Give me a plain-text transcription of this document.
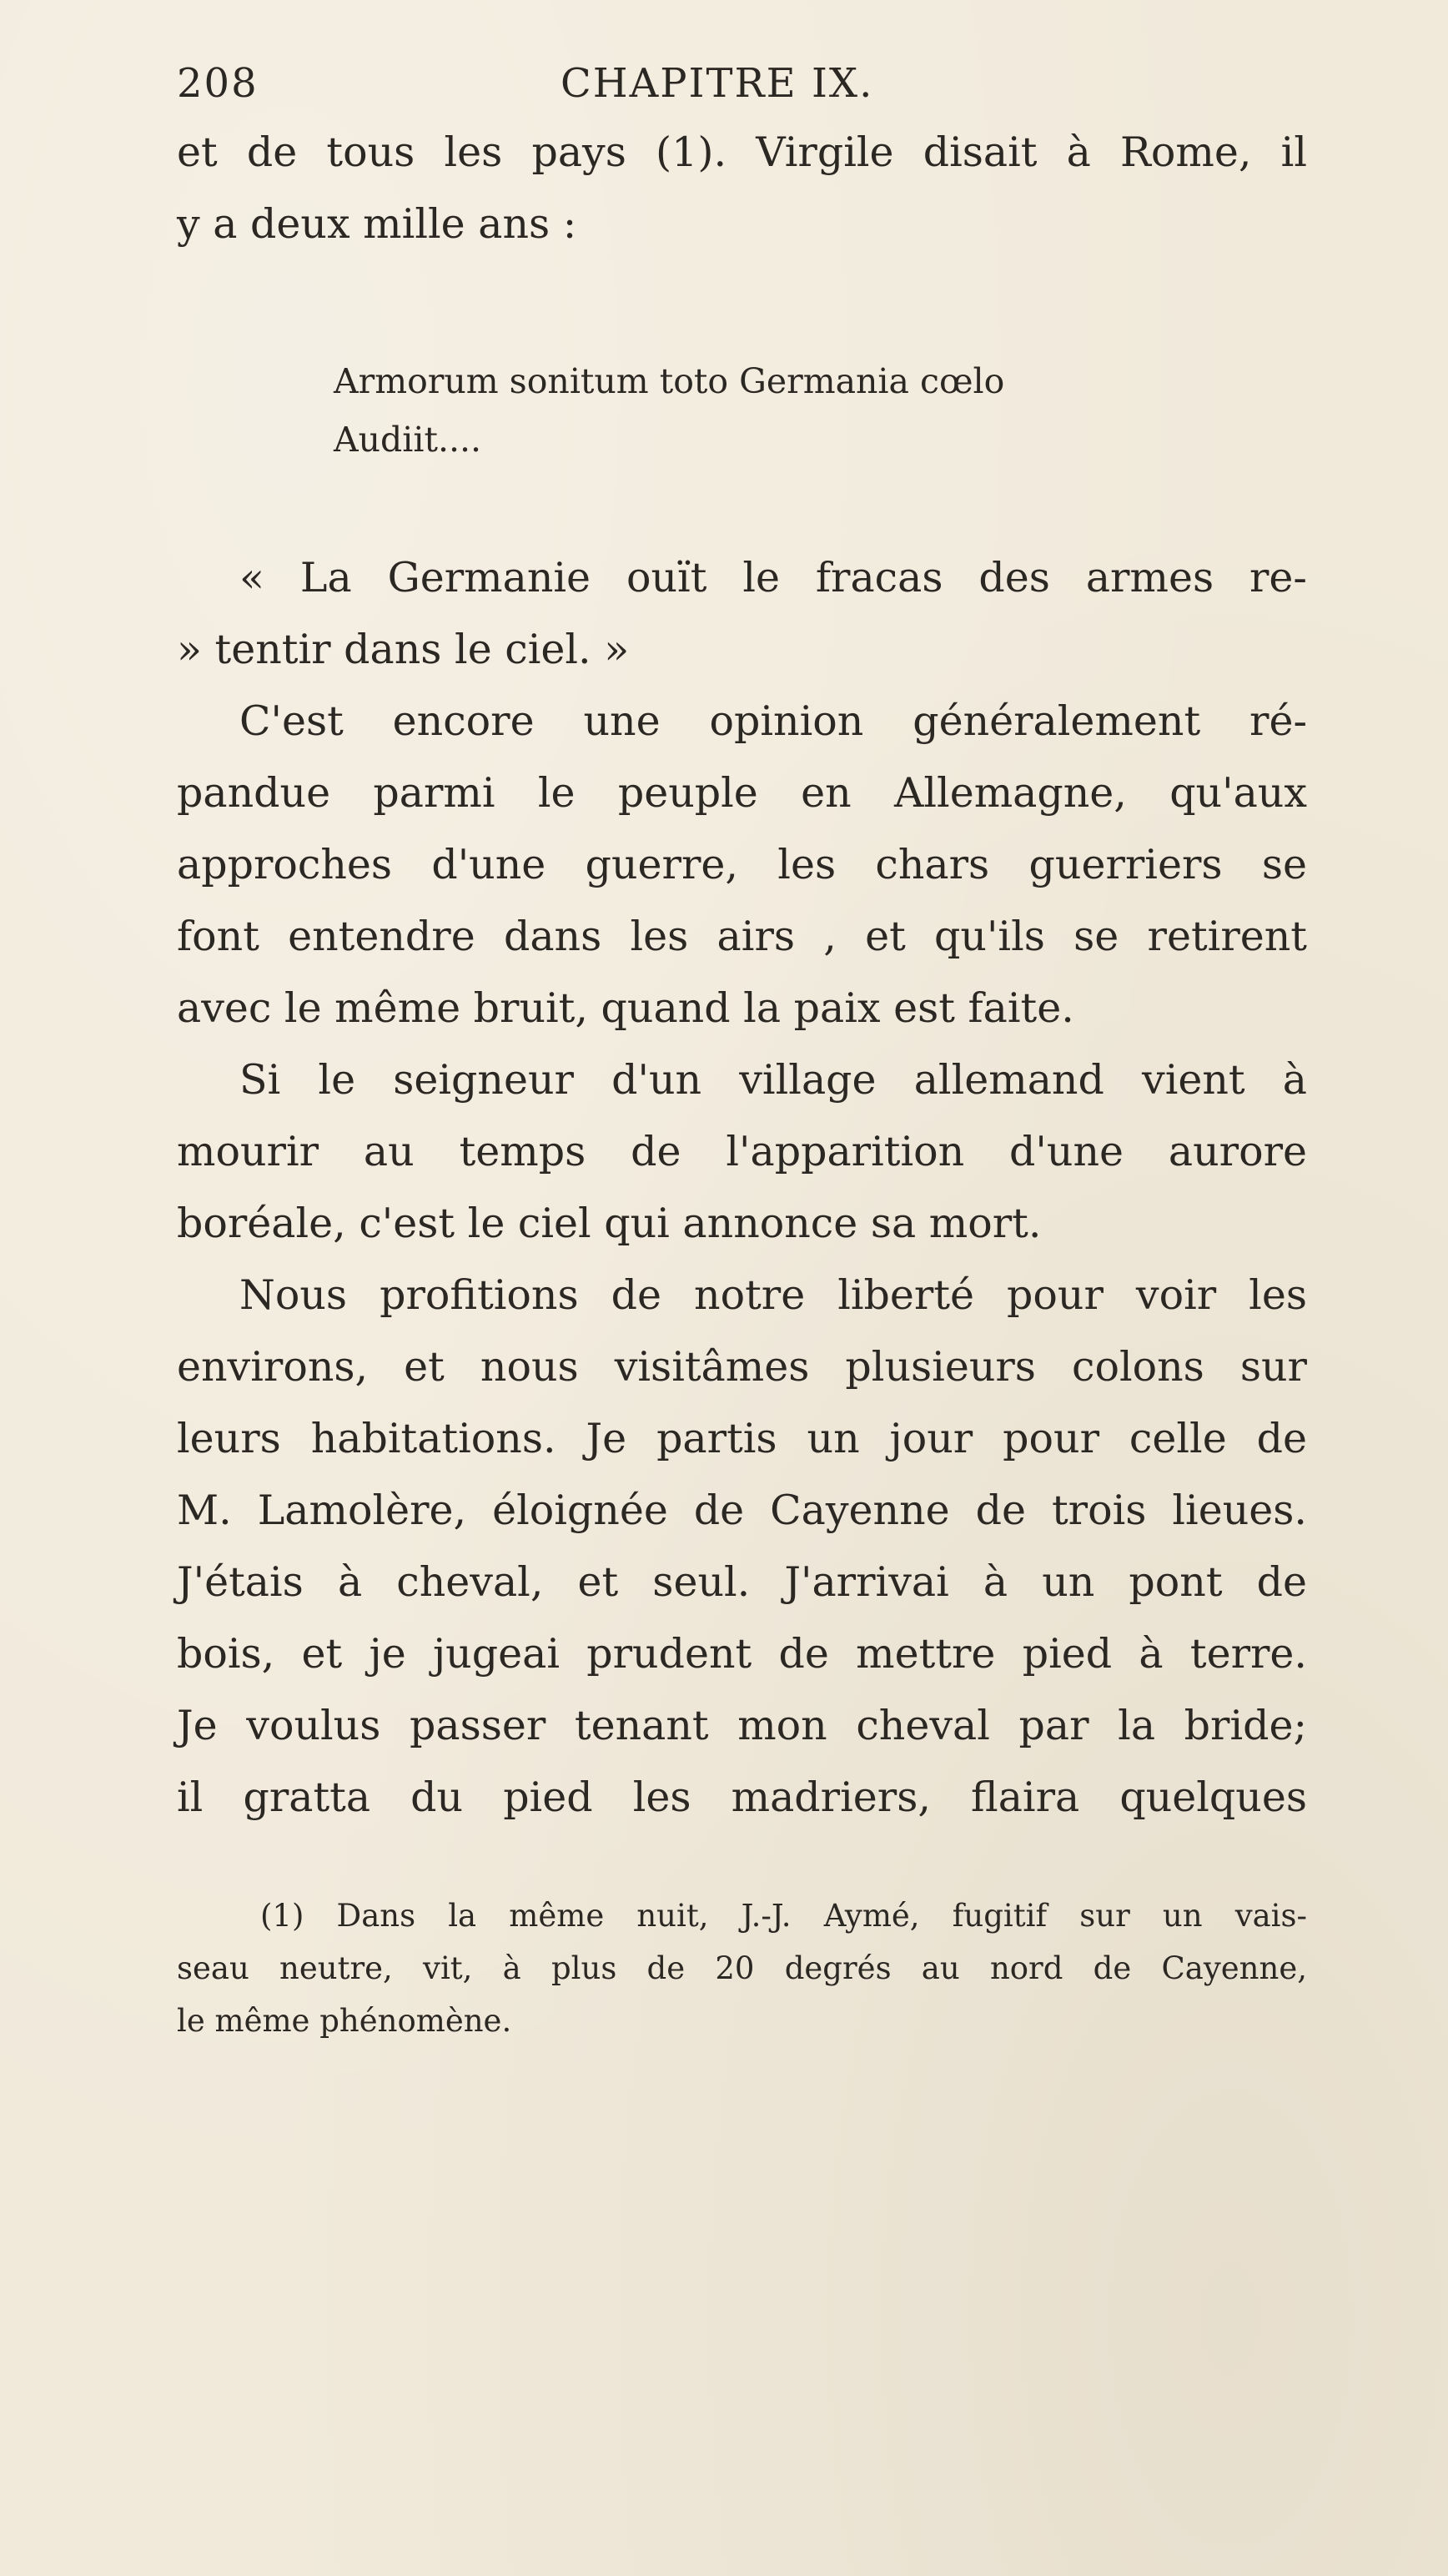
208	CHAPITRE IX.
et de tous les pays (1). Virgile disait à Rome, il
y a deux mille ans :
Armorum sonitum toto Germania cœlo
Audiit....
« La Germanie ouït le fracas des armes re-
» tentir dans le ciel. »
C'est encore une opinion généralement ré-
pandue parmi le peuple en Allemagne, qu'aux
approches d'une guerre, les chars guerriers se
font entendre dans les airs , et qu'ils se retirent
avec le même bruit, quand la paix est faite.
Si le seigneur d'un village allemand vient à
mourir au temps de l'apparition d'une aurore
boréale, c'est le ciel qui annonce sa mort.
Nous profitions de notre liberté pour voir les
environs, et nous visitâmes plusieurs colons sur
leurs habitations. Je partis un jour pour celle de
M. Lamolère, éloignée de Cayenne de trois lieues.
J'étais à cheval, et seul. J'arrivai à un pont de
bois, et je jugeai prudent de mettre pied à terre.
Je voulus passer tenant mon cheval par la bride;
il gratta du pied les madriers, flaira quelques
(1) Dans la même nuit, J.-J. Aymé, fugitif sur un vais-
seau neutre, vit, à plus de 20 degrés au nord de Cayenne,
le même phénomène.
